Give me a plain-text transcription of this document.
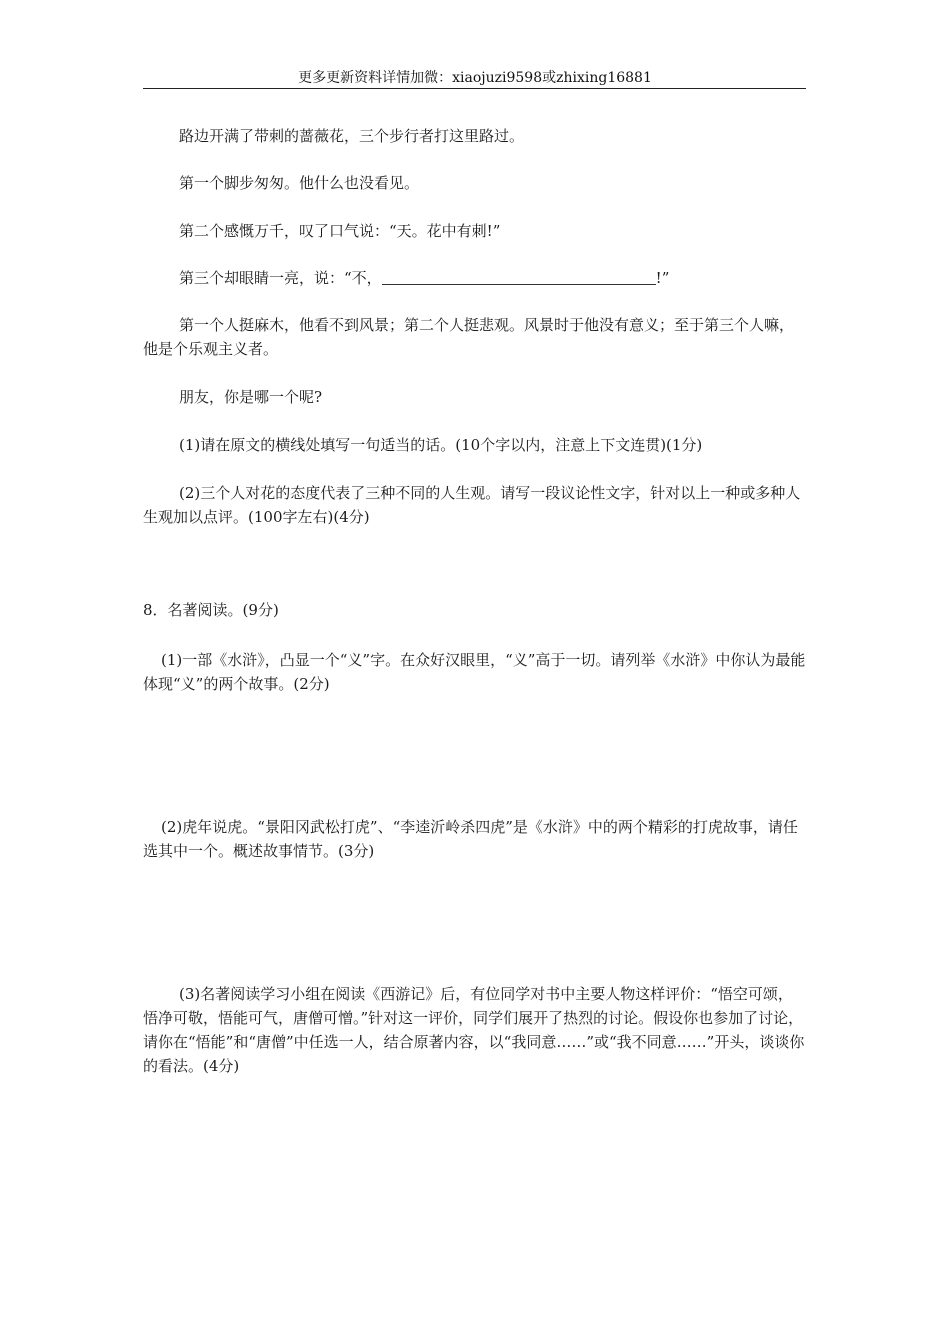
更多更新资料详情加微：xiaojuzi9598或zhixing16881

路边开满了带刺的蔷薇花，三个步行者打这里路过。

第一个脚步匆匆。他什么也没看见。

第二个感慨万千，叹了口气说：“天。花中有刺!”

第三个却眼睛一亮，说：“不，	!”

第一个人挺麻木，他看不到风景；第二个人挺悲观。风景时于他没有意义；至于第三个人嘛，他是个乐观主义者。

朋友，你是哪一个呢?

(1)请在原文的横线处填写一句适当的话。(10个字以内，注意上下文连贯)(1分)

(2)三个人对花的态度代表了三种不同的人生观。请写一段议论性文字，针对以上一种或多种人生观加以点评。(100字左右)(4分)

8．名著阅读。(9分)

(1)一部《水浒》，凸显一个“义”字。在众好汉眼里，“义”高于一切。请列举《水浒》中你认为最能体现“义”的两个故事。(2分)

(2)虎年说虎。“景阳冈武松打虎”、“李逵沂岭杀四虎”是《水浒》中的两个精彩的打虎故事，请任选其中一个。概述故事情节。(3分)

(3)名著阅读学习小组在阅读《西游记》后，有位同学对书中主要人物这样评价：“悟空可颂，悟净可敬，悟能可气，唐僧可憎。”针对这一评价，同学们展开了热烈的讨论。假设你也参加了讨论，请你在“悟能”和“唐僧”中任选一人，结合原著内容，以“我同意……”或“我不同意……”开头，谈谈你的看法。(4分)
